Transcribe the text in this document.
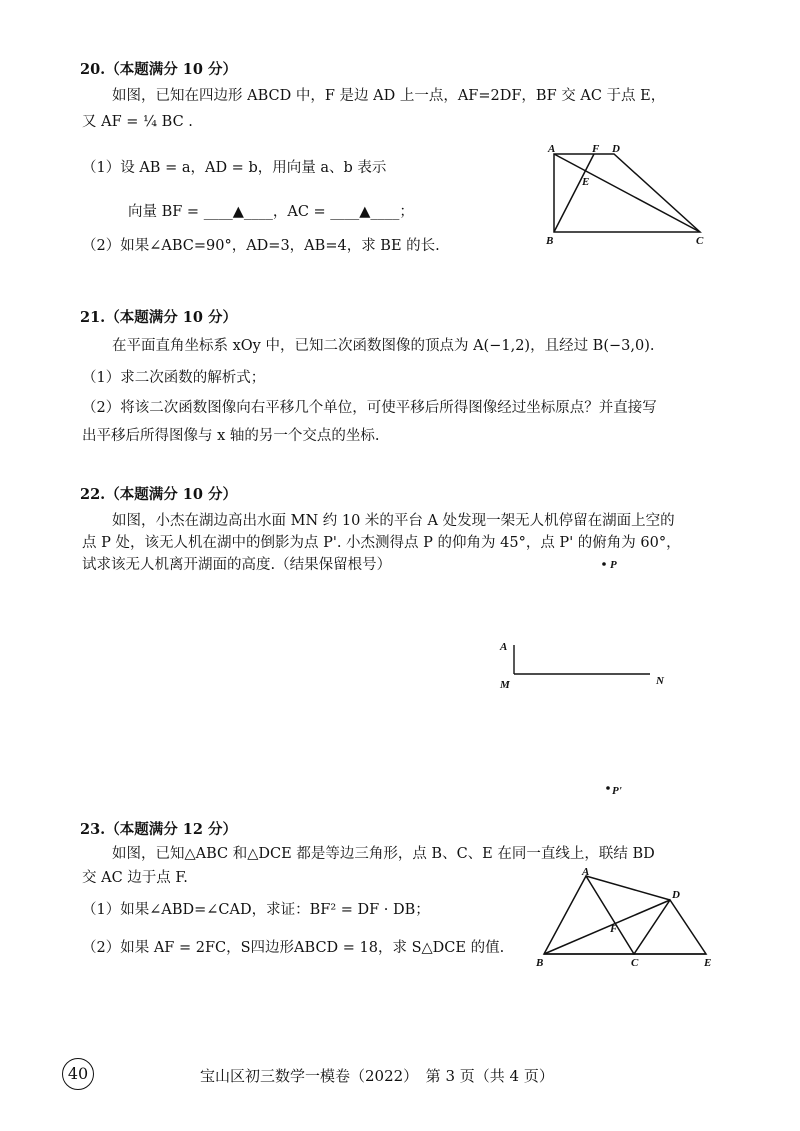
20.（本题满分 10 分）
如图，已知在四边形 ABCD 中，F 是边 AD 上一点，AF=2DF，BF 交 AC 于点 E，
又 AF = ¼ BC .
（1）设 AB = a，AD = b，用向量 a、b 表示
向量 BF = ____▲____，AC = ____▲____；
（2）如果∠ABC=90°，AD=3，AB=4，求 BE 的长.
A	F D
E
B	C
21.（本题满分 10 分）
在平面直角坐标系 xOy 中，已知二次函数图像的顶点为 A(−1,2)，且经过 B(−3,0).
（1）求二次函数的解析式；
（2）将该二次函数图像向右平移几个单位，可使平移后所得图像经过坐标原点？并直接写
出平移后所得图像与 x 轴的另一个交点的坐标.
22.（本题满分 10 分）
如图，小杰在湖边高出水面 MN 约 10 米的平台 A 处发现一架无人机停留在湖面上空的
点 P 处，该无人机在湖中的倒影为点 P'. 小杰测得点 P 的仰角为 45°，点 P' 的俯角为 60°，
试求该无人机离开湖面的高度.（结果保留根号）	P
A
M	N
P'
23.（本题满分 12 分）
如图，已知△ABC 和△DCE 都是等边三角形，点 B、C、E 在同一直线上，联结 BD
交 AC 边于点 F.
（1）如果∠ABD=∠CAD，求证：BF² = DF · DB；
（2）如果 AF = 2FC，S四边形ABCD = 18，求 S△DCE 的值.
A
D
F
B	C	E
40	宝山区初三数学一模卷（2022）　第 3 页（共 4 页）
